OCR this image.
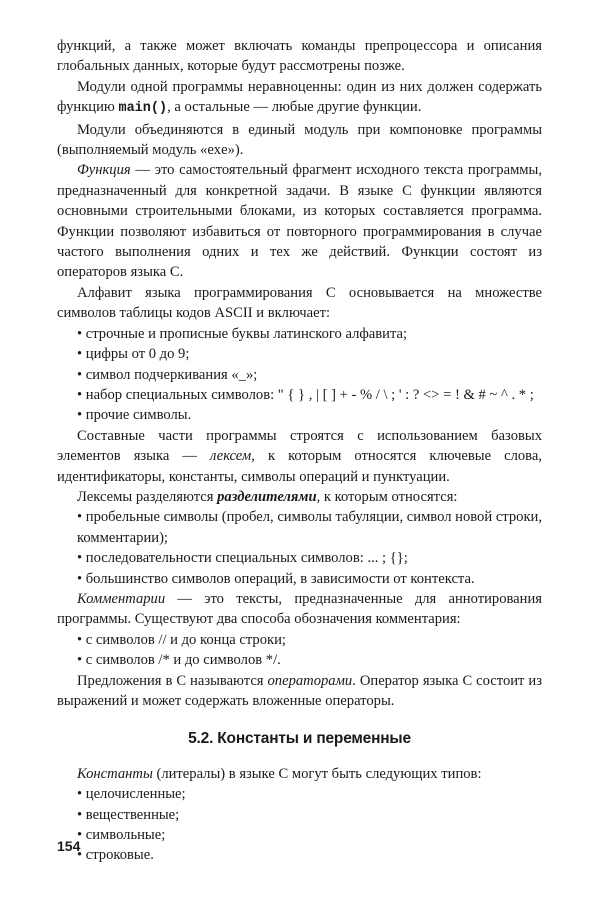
функций, а также может включать команды препроцессора и описания глобальных данных, которые будут рассмотрены позже.

Модули одной программы неравноценны: один из них должен содержать функцию main(), а остальные — любые другие функции.

Модули объединяются в единый модуль при компоновке программы (выполняемый модуль «exe»).

Функция — это самостоятельный фрагмент исходного текста программы, предназначенный для конкретной задачи. В языке С функции являются основными строительными блоками, из которых составляется программа. Функции позволяют избавиться от повторного программирования в случае частого выполнения одних и тех же действий. Функции состоят из операторов языка С.

Алфавит языка программирования С основывается на множестве символов таблицы кодов ASCII и включает:

• строчные и прописные буквы латинского алфавита;

• цифры от 0 до 9;

• символ подчеркивания «_»;

• набор специальных символов: " { } , | [ ] + - % / \ ; ' : ? <> = ! & # ~ ^ . * ;

• прочие символы.

Составные части программы строятся с использованием базовых элементов языка — лексем, к которым относятся ключевые слова, идентификаторы, константы, символы операций и пунктуации.

Лексемы разделяются разделителями, к которым относятся:

• пробельные символы (пробел, символы табуляции, символ новой строки, комментарии);

• последовательности специальных символов: ... ; {};

• большинство символов операций, в зависимости от контекста.

Комментарии — это тексты, предназначенные для аннотирования программы. Существуют два способа обозначения комментария:

• с символов // и до конца строки;

• с символов /* и до символов */.

Предложения в С называются операторами. Оператор языка С состоит из выражений и может содержать вложенные операторы.

5.2. Константы и переменные

Константы (литералы) в языке С могут быть следующих типов:

• целочисленные;

• вещественные;

• символьные;

• строковые.

154
